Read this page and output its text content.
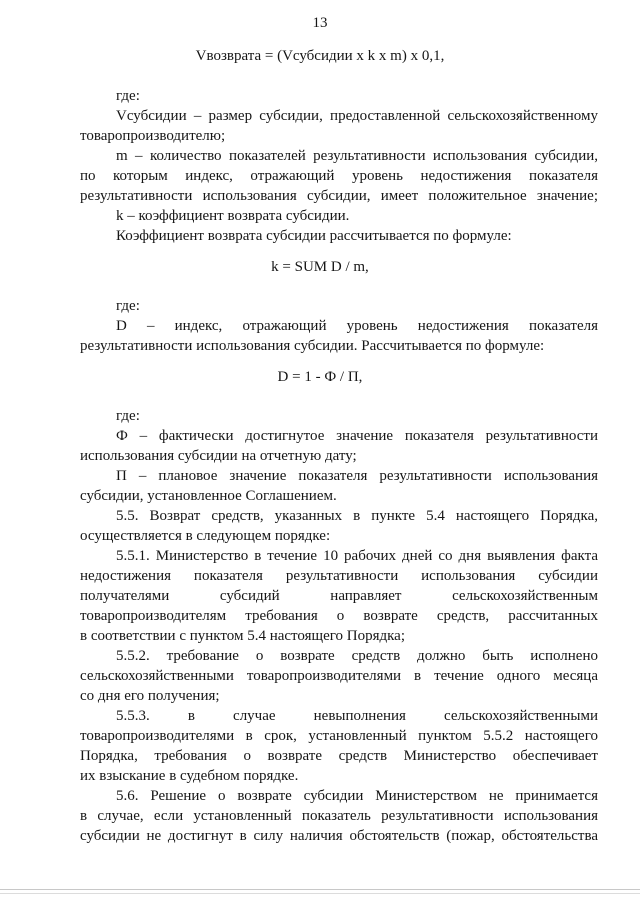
13
Vвозврата = (Vсубсидии x k x m) x 0,1,
где:
Vсубсидии – размер субсидии, предоставленной сельскохозяйственному
товаропроизводителю;
m – количество показателей результативности использования субсидии,
по которым индекс, отражающий уровень недостижения показателя
результативности использования субсидии, имеет положительное значение;
k – коэффициент возврата субсидии.
Коэффициент возврата субсидии рассчитывается по формуле:
k = SUM D / m,
где:
D – индекс, отражающий уровень недостижения показателя
результативности использования субсидии. Рассчитывается по формуле:
D = 1 - Ф / П,
где:
Ф – фактически достигнутое значение показателя результативности
использования субсидии на отчетную дату;
П – плановое значение показателя результативности использования
субсидии, установленное Соглашением.
5.5. Возврат средств, указанных в пункте 5.4 настоящего Порядка,
осуществляется в следующем порядке:
5.5.1. Министерство в течение 10 рабочих дней со дня выявления факта
недостижения показателя результативности использования субсидии
получателями субсидий направляет сельскохозяйственным
товаропроизводителям требования о возврате средств, рассчитанных
в соответствии с пунктом 5.4 настоящего Порядка;
5.5.2. требование о возврате средств должно быть исполнено
сельскохозяйственными товаропроизводителями в течение одного месяца
со дня его получения;
5.5.3. в случае невыполнения сельскохозяйственными
товаропроизводителями в срок, установленный пунктом 5.5.2 настоящего
Порядка, требования о возврате средств Министерство обеспечивает
их взыскание в судебном порядке.
5.6. Решение о возврате субсидии Министерством не принимается
в случае, если установленный показатель результативности использования
субсидии не достигнут в силу наличия обстоятельств (пожар, обстоятельства
